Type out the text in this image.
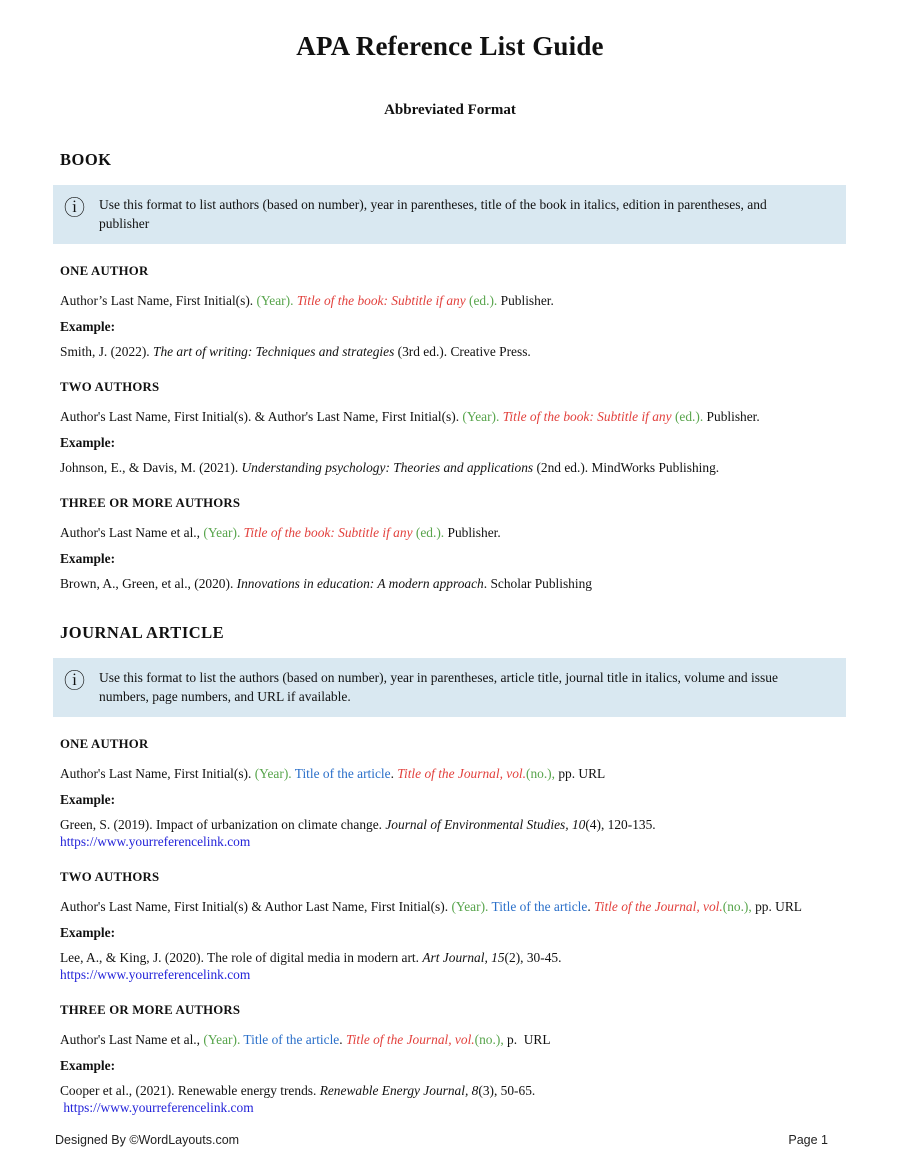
APA Reference List Guide
Abbreviated Format
BOOK
ⓘ Use this format to list authors (based on number), year in parentheses, title of the book in italics, edition in parentheses, and publisher
ONE AUTHOR
Author’s Last Name, First Initial(s). (Year). Title of the book: Subtitle if any (ed.). Publisher.
Example:
Smith, J. (2022). The art of writing: Techniques and strategies (3rd ed.). Creative Press.
TWO AUTHORS
Author's Last Name, First Initial(s). & Author's Last Name, First Initial(s). (Year). Title of the book: Subtitle if any (ed.). Publisher.
Example:
Johnson, E., & Davis, M. (2021). Understanding psychology: Theories and applications (2nd ed.). MindWorks Publishing.
THREE OR MORE AUTHORS
Author's Last Name et al., (Year). Title of the book: Subtitle if any (ed.). Publisher.
Example:
Brown, A., Green, et al., (2020). Innovations in education: A modern approach. Scholar Publishing
JOURNAL ARTICLE
ⓘ Use this format to list the authors (based on number), year in parentheses, article title, journal title in italics, volume and issue numbers, page numbers, and URL if available.
ONE AUTHOR
Author's Last Name, First Initial(s). (Year). Title of the article. Title of the Journal, vol.(no.), pp. URL
Example:
Green, S. (2019). Impact of urbanization on climate change. Journal of Environmental Studies, 10(4), 120-135.
https://www.yourreferencelink.com
TWO AUTHORS
Author's Last Name, First Initial(s) & Author Last Name, First Initial(s). (Year). Title of the article. Title of the Journal, vol.(no.), pp. URL
Example:
Lee, A., & King, J. (2020). The role of digital media in modern art. Art Journal, 15(2), 30-45.
https://www.yourreferencelink.com
THREE OR MORE AUTHORS
Author's Last Name et al., (Year). Title of the article. Title of the Journal, vol.(no.), p.  URL
Example:
Cooper et al., (2021). Renewable energy trends. Renewable Energy Journal, 8(3), 50-65.
https://www.yourreferencelink.com
Designed By ©WordLayouts.com	Page 1
